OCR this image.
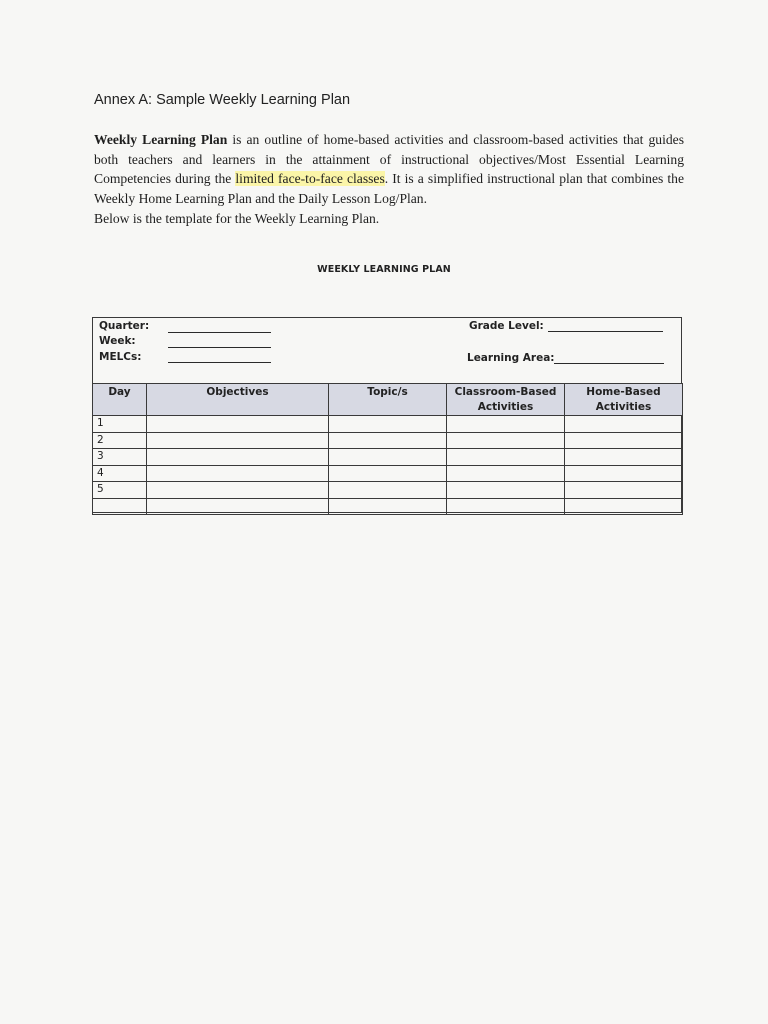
Annex A: Sample Weekly Learning Plan

Weekly Learning Plan is an outline of home-based activities and classroom-based activities that guides both teachers and learners in the attainment of instructional objectives/Most Essential Learning Competencies during the limited face-to-face classes. It is a simplified instructional plan that combines the Weekly Home Learning Plan and the Daily Lesson Log/Plan.

Below is the template for the Weekly Learning Plan.
WEEKLY LEARNING PLAN
Quarter:
Week:
MELCs:
Grade Level:
Learning Area:
Day	Objectives	Topic/s	Classroom-Based Activities	Home-Based Activities
1				
2				
3				
4				
5				
